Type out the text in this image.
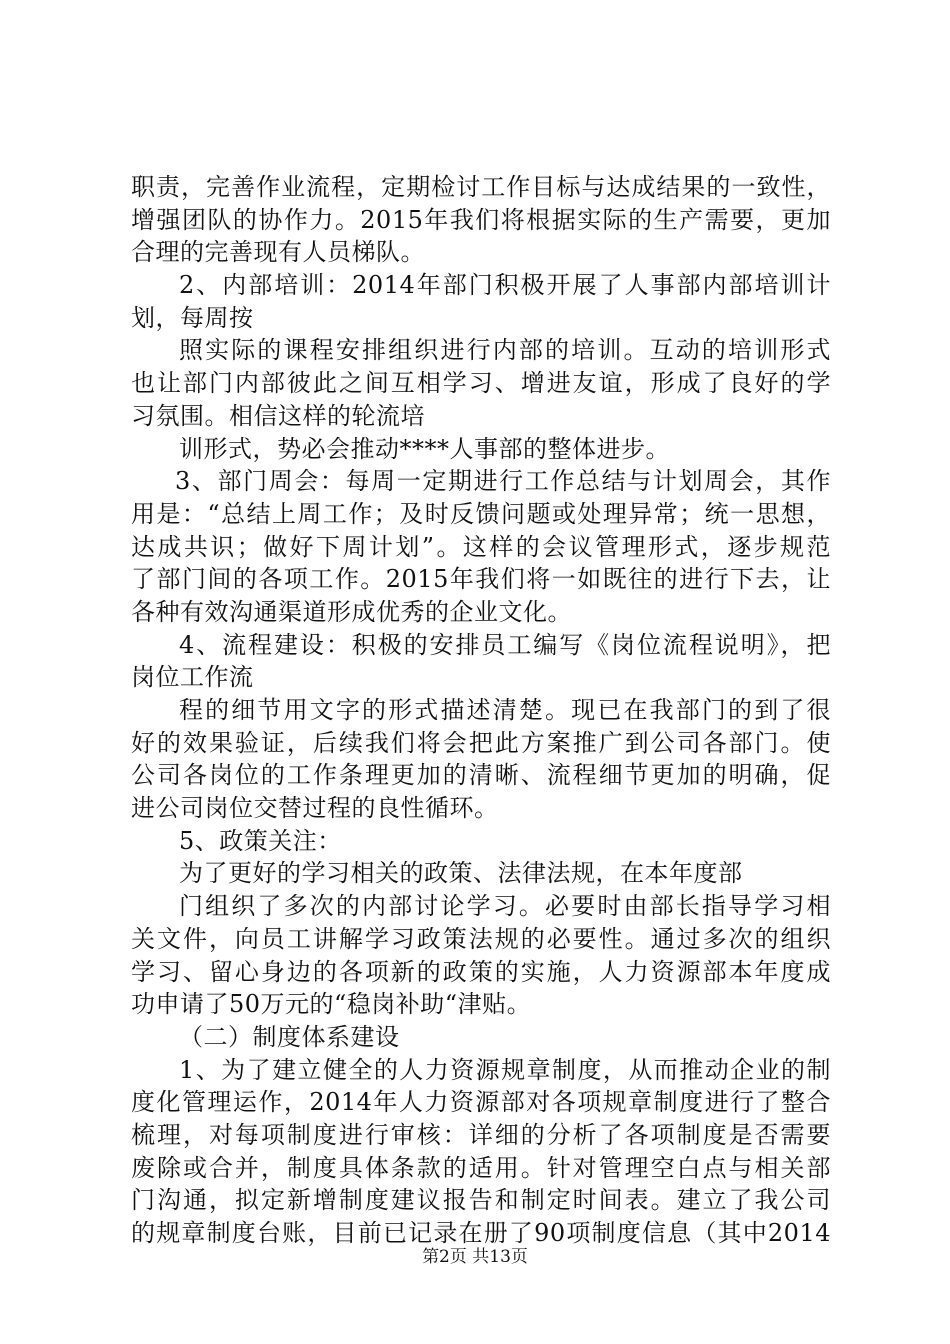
职责，完善作业流程，定期检讨工作目标与达成结果的一致性，
增强团队的协作力。2015年我们将根据实际的生产需要，更加
合理的完善现有人员梯队。
2、内部培训：2014年部门积极开展了人事部内部培训计
划，每周按
照实际的课程安排组织进行内部的培训。互动的培训形式
也让部门内部彼此之间互相学习、增进友谊，形成了良好的学
习氛围。相信这样的轮流培
训形式，势必会推动****人事部的整体进步。
3、部门周会：每周一定期进行工作总结与计划周会，其作
用是：“总结上周工作；及时反馈问题或处理异常；统一思想，
达成共识；做好下周计划”。这样的会议管理形式，逐步规范
了部门间的各项工作。2015年我们将一如既往的进行下去，让
各种有效沟通渠道形成优秀的企业文化。
4、流程建设：积极的安排员工编写《岗位流程说明》，把
岗位工作流
程的细节用文字的形式描述清楚。现已在我部门的到了很
好的效果验证，后续我们将会把此方案推广到公司各部门。使
公司各岗位的工作条理更加的清晰、流程细节更加的明确，促
进公司岗位交替过程的良性循环。
5、政策关注：
为了更好的学习相关的政策、法律法规，在本年度部
门组织了多次的内部讨论学习。必要时由部长指导学习相
关文件，向员工讲解学习政策法规的必要性。通过多次的组织
学习、留心身边的各项新的政策的实施，人力资源部本年度成
功申请了50万元的“稳岗补助“津贴。
（二）制度体系建设
1、为了建立健全的人力资源规章制度，从而推动企业的制
度化管理运作，2014年人力资源部对各项规章制度进行了整合
梳理，对每项制度进行审核：详细的分析了各项制度是否需要
废除或合并，制度具体条款的适用。针对管理空白点与相关部
门沟通，拟定新增制度建议报告和制定时间表。建立了我公司
的规章制度台账，目前已记录在册了90项制度信息（其中2014
第2页 共13页
